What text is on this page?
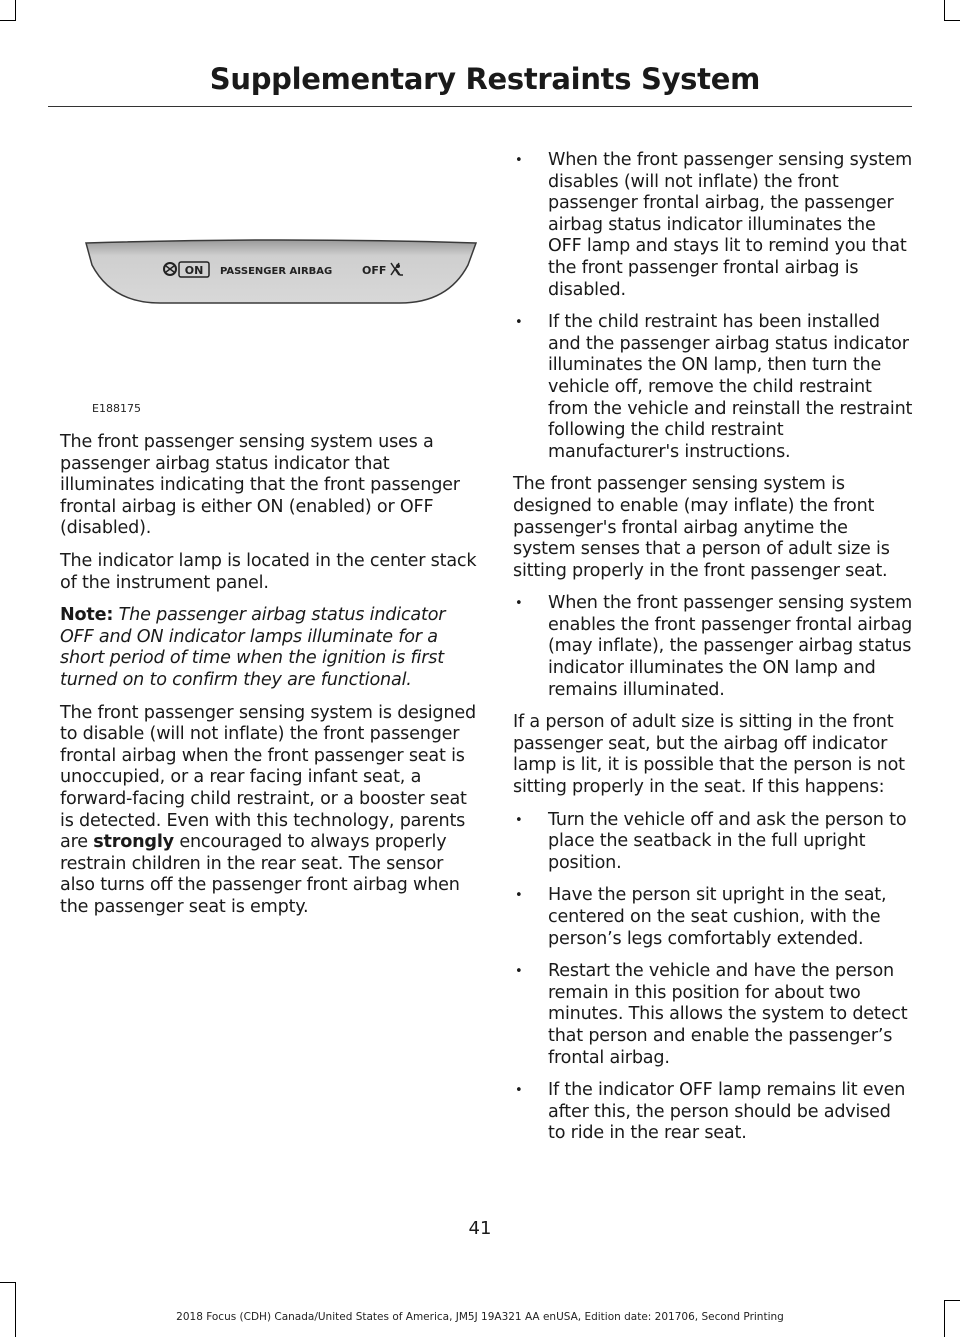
Supplementary Restraints System
ON PASSENGER AIRBAG	OFF
E188175

The front passenger sensing system uses a passenger airbag status indicator that illuminates indicating that the front passenger frontal airbag is either ON (enabled) or OFF (disabled).

The indicator lamp is located in the center stack of the instrument panel.

Note: The passenger airbag status indicator OFF and ON indicator lamps illuminate for a short period of time when the ignition is first turned on to confirm they are functional.

The front passenger sensing system is designed to disable (will not inflate) the front passenger frontal airbag when the front passenger seat is unoccupied, or a rear facing infant seat, a forward-facing child restraint, or a booster seat is detected. Even with this technology, parents are strongly encouraged to always properly restrain children in the rear seat. The sensor also turns off the passenger front airbag when the passenger seat is empty.

• When the front passenger sensing system disables (will not inflate) the front passenger frontal airbag, the passenger airbag status indicator illuminates the OFF lamp and stays lit to remind you that the front passenger frontal airbag is disabled.
• If the child restraint has been installed and the passenger airbag status indicator illuminates the ON lamp, then turn the vehicle off, remove the child restraint from the vehicle and reinstall the restraint following the child restraint manufacturer's instructions.

The front passenger sensing system is designed to enable (may inflate) the front passenger's frontal airbag anytime the system senses that a person of adult size is sitting properly in the front passenger seat.

• When the front passenger sensing system enables the front passenger frontal airbag (may inflate), the passenger airbag status indicator illuminates the ON lamp and remains illuminated.

If a person of adult size is sitting in the front passenger seat, but the airbag off indicator lamp is lit, it is possible that the person is not sitting properly in the seat. If this happens:

• Turn the vehicle off and ask the person to place the seatback in the full upright position.
• Have the person sit upright in the seat, centered on the seat cushion, with the person’s legs comfortably extended.
• Restart the vehicle and have the person remain in this position for about two minutes. This allows the system to detect that person and enable the passenger’s frontal airbag.
• If the indicator OFF lamp remains lit even after this, the person should be advised to ride in the rear seat.
41
2018 Focus (CDH) Canada/United States of America, JM5J 19A321 AA enUSA, Edition date: 201706, Second Printing
